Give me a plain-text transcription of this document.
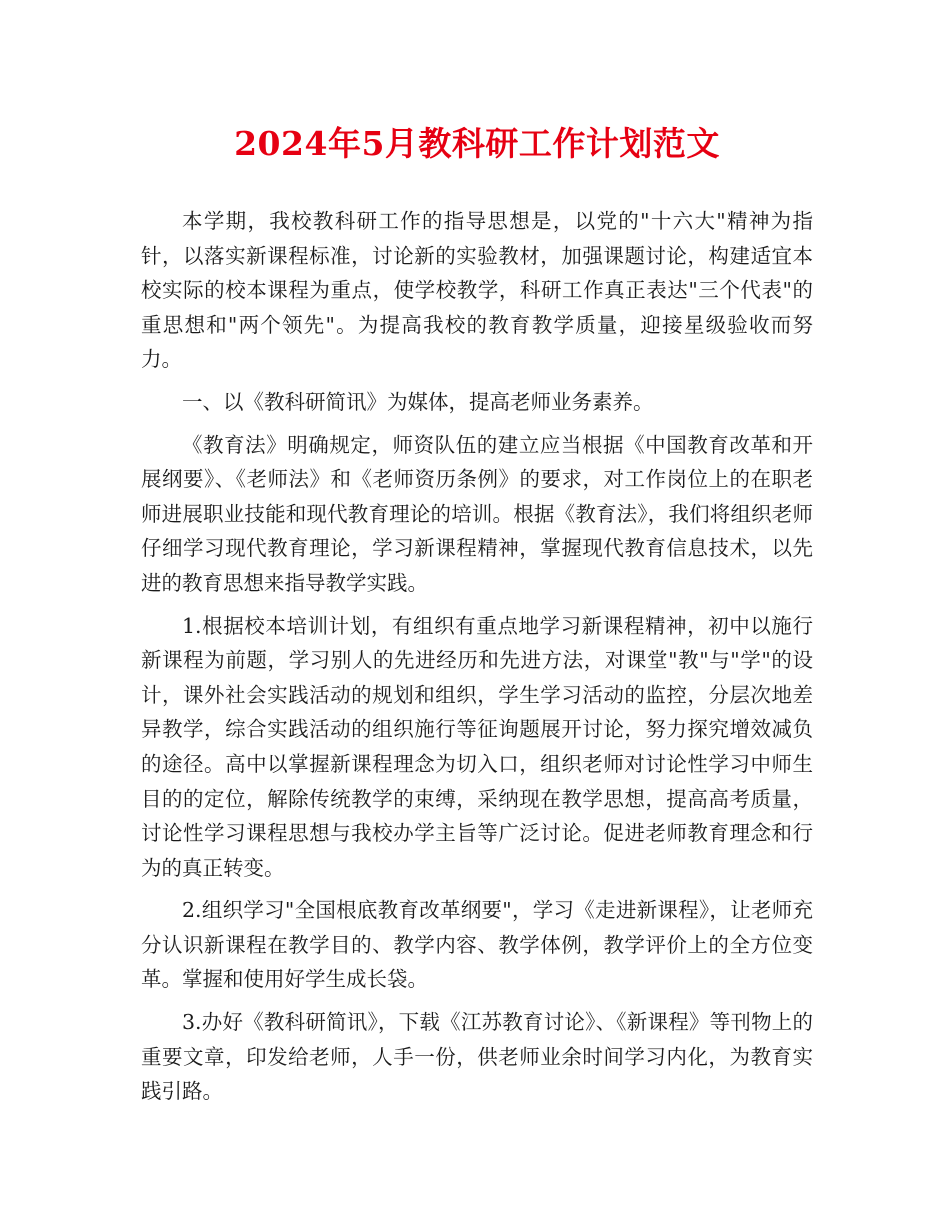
2024年5月教科研工作计划范文

本学期，我校教科研工作的指导思想是，以党的"十六大"精神为指针，以落实新课程标准，讨论新的实验教材，加强课题讨论，构建适宜本校实际的校本课程为重点，使学校教学，科研工作真正表达"三个代表"的重思想和"两个领先"。为提高我校的教育教学质量，迎接星级验收而努力。

一、以《教科研简讯》为媒体，提高老师业务素养。

《教育法》明确规定，师资队伍的建立应当根据《中国教育改革和开展纲要》、《老师法》和《老师资历条例》的要求，对工作岗位上的在职老师进展职业技能和现代教育理论的培训。根据《教育法》，我们将组织老师仔细学习现代教育理论，学习新课程精神，掌握现代教育信息技术，以先进的教育思想来指导教学实践。

1.根据校本培训计划，有组织有重点地学习新课程精神，初中以施行新课程为前题，学习别人的先进经历和先进方法，对课堂"教"与"学"的设计，课外社会实践活动的规划和组织，学生学习活动的监控，分层次地差异教学，综合实践活动的组织施行等征询题展开讨论，努力探究增效减负的途径。高中以掌握新课程理念为切入口，组织老师对讨论性学习中师生目的的定位，解除传统教学的束缚，采纳现在教学思想，提高高考质量，讨论性学习课程思想与我校办学主旨等广泛讨论。促进老师教育理念和行为的真正转变。

2.组织学习"全国根底教育改革纲要"，学习《走进新课程》，让老师充分认识新课程在教学目的、教学内容、教学体例，教学评价上的全方位变革。掌握和使用好学生成长袋。

3.办好《教科研简讯》，下载《江苏教育讨论》、《新课程》等刊物上的重要文章，印发给老师，人手一份，供老师业余时间学习内化，为教育实践引路。
